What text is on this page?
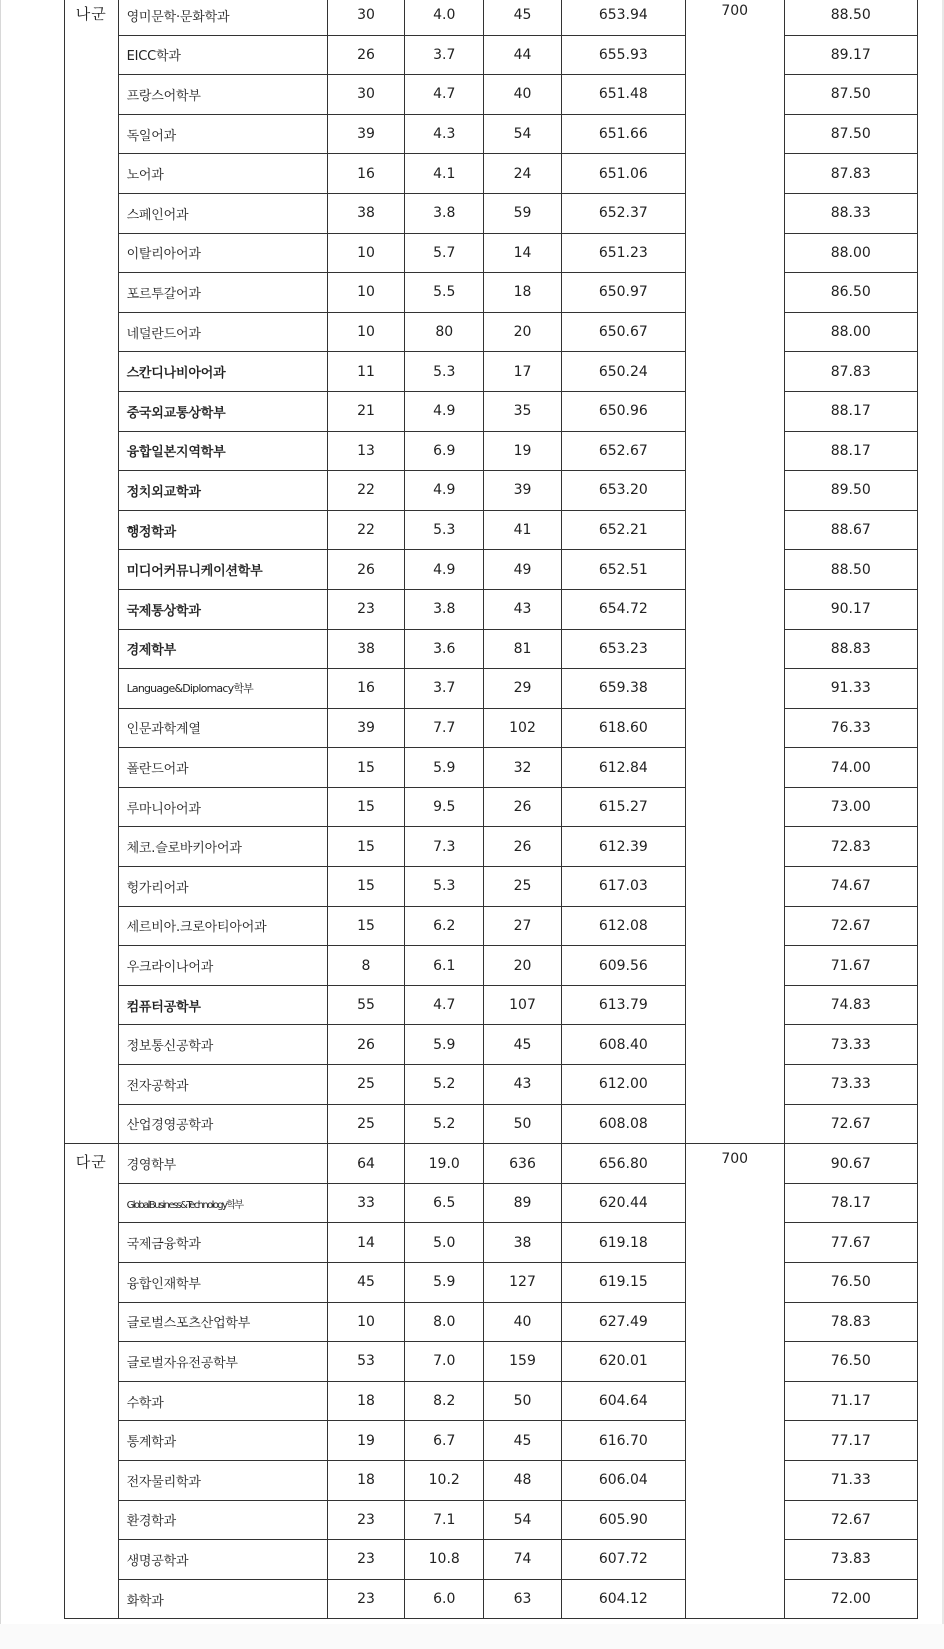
나군	영미문학·문화학과	30	4.0	45	653.94	700	88.50
	EICC학과	26	3.7	44	655.93		89.17
	프랑스어학부	30	4.7	40	651.48		87.50
	독일어과	39	4.3	54	651.66		87.50
	노어과	16	4.1	24	651.06		87.83
	스페인어과	38	3.8	59	652.37		88.33
	이탈리아어과	10	5.7	14	651.23		88.00
	포르투갈어과	10	5.5	18	650.97		86.50
	네덜란드어과	10	80	20	650.67		88.00
	스칸디나비아어과	11	5.3	17	650.24		87.83
	중국외교통상학부	21	4.9	35	650.96		88.17
	융합일본지역학부	13	6.9	19	652.67		88.17
	정치외교학과	22	4.9	39	653.20		89.50
	행정학과	22	5.3	41	652.21		88.67
	미디어커뮤니케이션학부	26	4.9	49	652.51		88.50
	국제통상학과	23	3.8	43	654.72		90.17
	경제학부	38	3.6	81	653.23		88.83
	Language&Diplomacy학부	16	3.7	29	659.38		91.33
	인문과학계열	39	7.7	102	618.60		76.33
	폴란드어과	15	5.9	32	612.84		74.00
	루마니아어과	15	9.5	26	615.27		73.00
	체코.슬로바키아어과	15	7.3	26	612.39		72.83
	헝가리어과	15	5.3	25	617.03		74.67
	세르비아.크로아티아어과	15	6.2	27	612.08		72.67
	우크라이나어과	8	6.1	20	609.56		71.67
	컴퓨터공학부	55	4.7	107	613.79		74.83
	정보통신공학과	26	5.9	45	608.40		73.33
	전자공학과	25	5.2	43	612.00		73.33
	산업경영공학과	25	5.2	50	608.08		72.67
다군	경영학부	64	19.0	636	656.80	700	90.67
	GlobalBusiness&Technology학부	33	6.5	89	620.44		78.17
	국제금융학과	14	5.0	38	619.18		77.67
	융합인재학부	45	5.9	127	619.15		76.50
	글로벌스포츠산업학부	10	8.0	40	627.49		78.83
	글로벌자유전공학부	53	7.0	159	620.01		76.50
	수학과	18	8.2	50	604.64		71.17
	통계학과	19	6.7	45	616.70		77.17
	전자물리학과	18	10.2	48	606.04		71.33
	환경학과	23	7.1	54	605.90		72.67
	생명공학과	23	10.8	74	607.72		73.83
	화학과	23	6.0	63	604.12		72.00
